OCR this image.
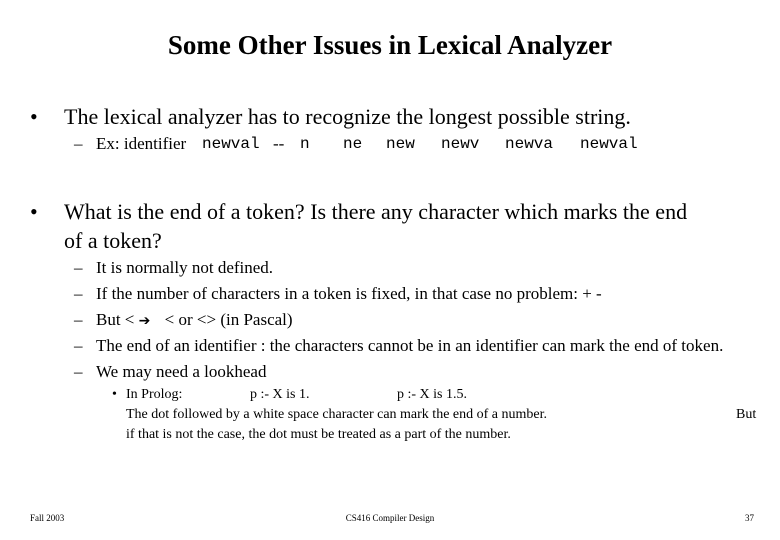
Some Other Issues in Lexical Analyzer
• The lexical analyzer has to recognize the longest possible string.
– Ex: identifier newval -- n ne new newv newva newval
• What is the end of a token? Is there any character which marks the end
of a token?
– It is normally not defined.
– If the number of characters in a token is fixed, in that case no problem: + -
– But < ➔ < or <> (in Pascal)
– The end of an identifier : the characters cannot be in an identifier can mark the end of token.
– We may need a lookhead
• In Prolog:	p :- X is 1.	p :- X is 1.5.
The dot followed by a white space character can mark the end of a number.	But
if that is not the case, the dot must be treated as a part of the number.
Fall 2003	CS416 Compiler Design	37
